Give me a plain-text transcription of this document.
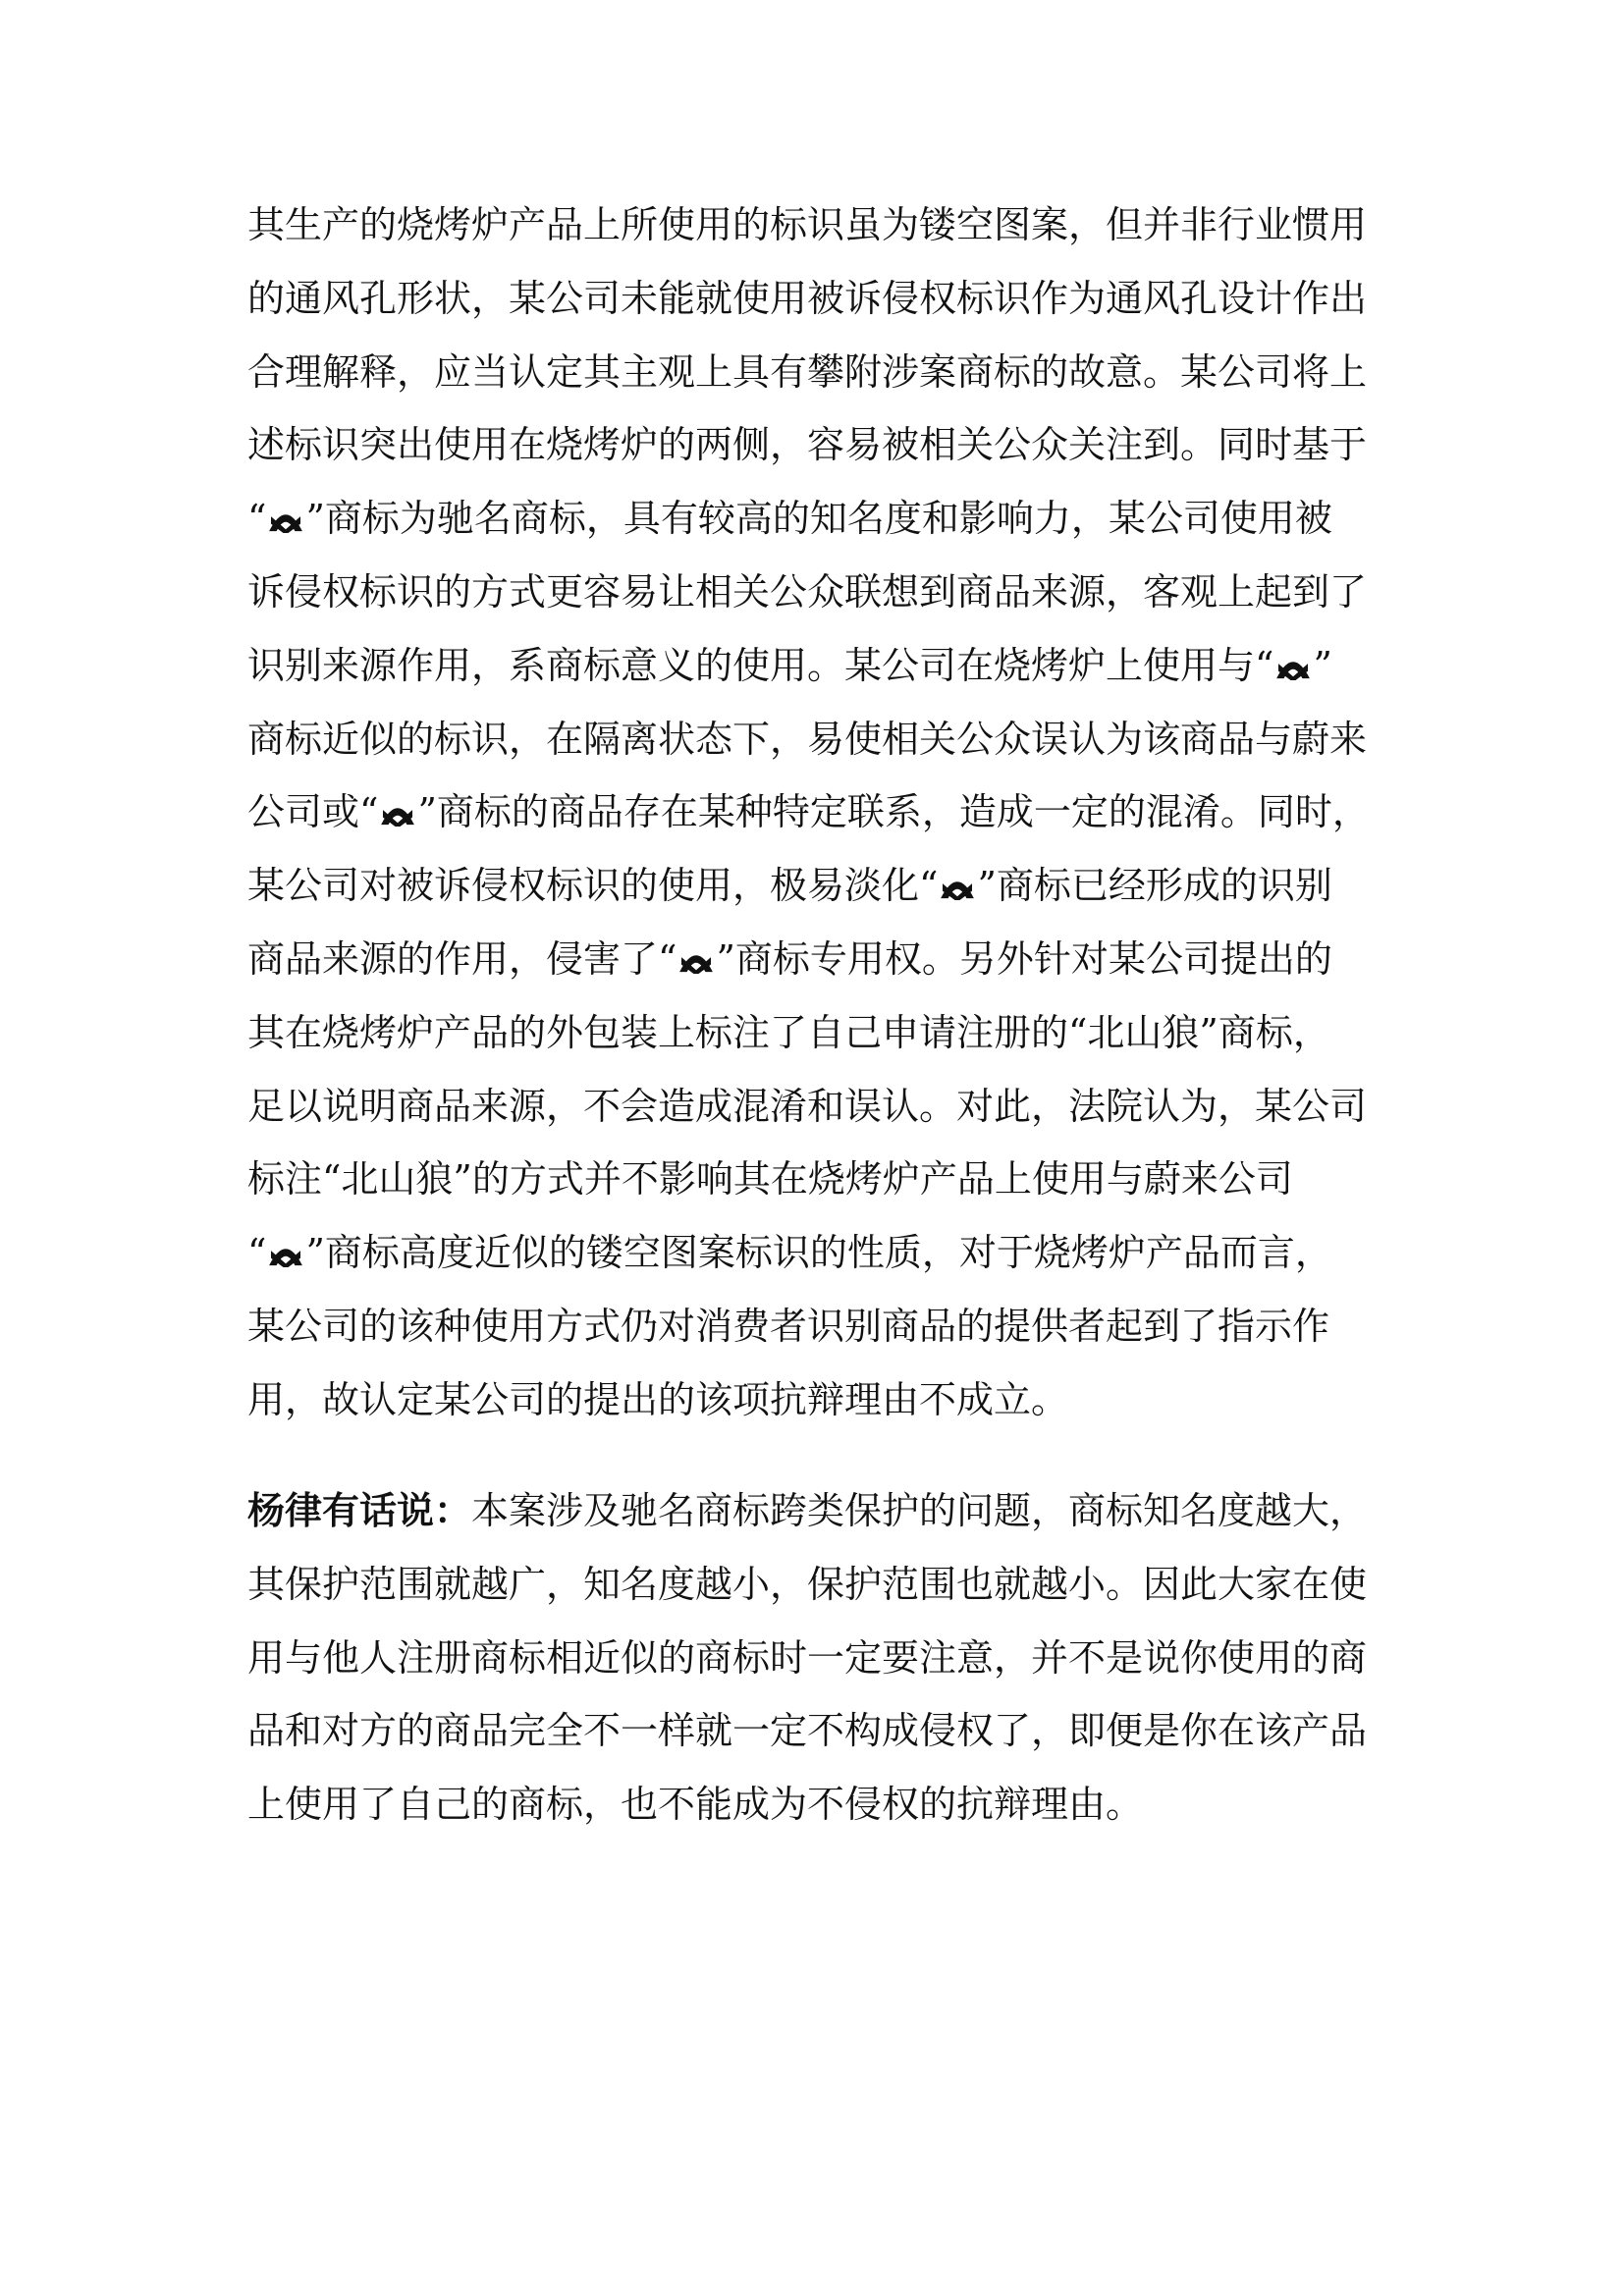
其生产的烧烤炉产品上所使用的标识虽为镂空图案，但并非行业惯用
的通风孔形状，某公司未能就使用被诉侵权标识作为通风孔设计作出
合理解释，应当认定其主观上具有攀附涉案商标的故意。某公司将上
述标识突出使用在烧烤炉的两侧，容易被相关公众关注到。同时基于
“ ”商标为驰名商标，具有较高的知名度和影响力，某公司使用被
诉侵权标识的方式更容易让相关公众联想到商品来源，客观上起到了
识别来源作用，系商标意义的使用。某公司在烧烤炉上使用与“ ”
商标近似的标识，在隔离状态下，易使相关公众误认为该商品与蔚来
公司或“ ”商标的商品存在某种特定联系，造成一定的混淆。同时，
某公司对被诉侵权标识的使用，极易淡化“ ”商标已经形成的识别
商品来源的作用，侵害了“ ”商标专用权。另外针对某公司提出的
其在烧烤炉产品的外包装上标注了自己申请注册的“北山狼”商标，
足以说明商品来源，不会造成混淆和误认。对此，法院认为，某公司
标注“北山狼”的方式并不影响其在烧烤炉产品上使用与蔚来公司
“ ”商标高度近似的镂空图案标识的性质，对于烧烤炉产品而言，
某公司的该种使用方式仍对消费者识别商品的提供者起到了指示作
用，故认定某公司的提出的该项抗辩理由不成立。
杨律有话说：本案涉及驰名商标跨类保护的问题，商标知名度越大，
其保护范围就越广，知名度越小，保护范围也就越小。因此大家在使
用与他人注册商标相近似的商标时一定要注意，并不是说你使用的商
品和对方的商品完全不一样就一定不构成侵权了，即便是你在该产品
上使用了自己的商标，也不能成为不侵权的抗辩理由。
